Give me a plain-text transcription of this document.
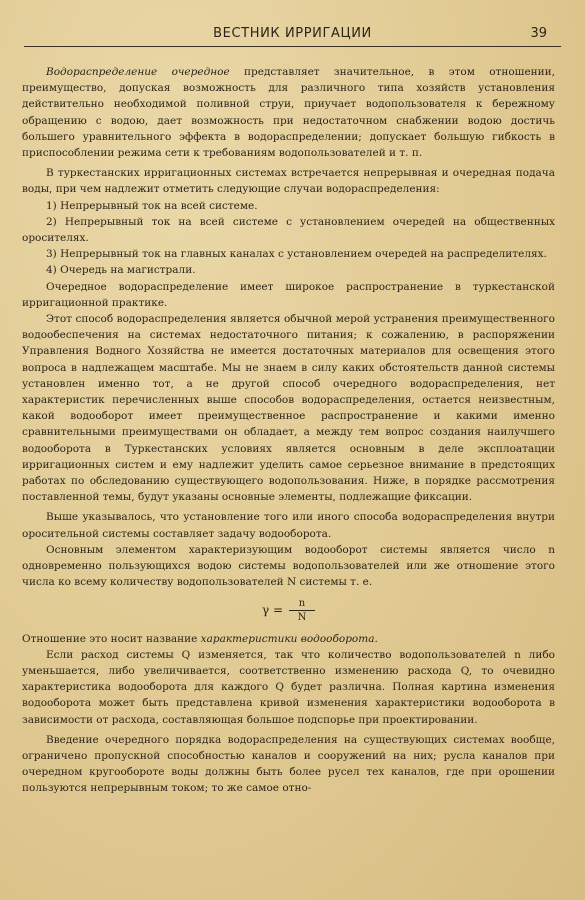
ВЕСТНИК ИРРИГАЦИИ	39

Водораспределение очередное представляет значительное, в этом отношении, преимущество, допуская возможность для различного типа хозяйств установления действительно необходимой поливной струи, приучает водопользователя к бережному обращению с водою, дает возможность при недостаточном снабжении водою достичь большего уравнительного эффекта в водораспределении; допускает большую гибкость в приспособлении режима сети к требованиям водопользователей и т. п.

В туркестанских ирригационных системах встречается непрерывная и очередная подача воды, при чем надлежит отметить следующие случаи водораспределения:

1) Непрерывный ток на всей системе.

2) Непрерывный ток на всей системе с установлением очередей на общественных оросителях.

3) Непрерывный ток на главных каналах с установлением очередей на распределителях.

4) Очередь на магистрали.

Очередное водораспределение имеет широкое распространение в туркестанской ирригационной практике.

Этот способ водораспределения является обычной мерой устранения преимущественного водообеспечения на системах недостаточного питания; к сожалению, в распоряжении Управления Водного Хозяйства не имеется достаточных материалов для освещения этого вопроса в надлежащем масштабе. Мы не знаем в силу каких обстоятельств данной системы установлен именно тот, а не другой способ очередного водораспределения, нет характеристик перечисленных выше способов водораспределения, остается неизвестным, какой водооборот имеет преимущественное распространение и какими именно сравнительными преимуществами он обладает, а между тем вопрос создания наилучшего водооборота в Туркестанских условиях является основным в деле эксплоатации ирригационных систем и ему надлежит уделить самое серьезное внимание в предстоящих работах по обследованию существующего водопользования. Ниже, в порядке рассмотрения поставленной темы, будут указаны основные элементы, подлежащие фиксации.

Выше указывалось, что установление того или иного способа водораспределения внутри оросительной системы составляет задачу водооборота.

Основным элементом характеризующим водооборот системы является число n одновременно пользующихся водою системы водопользователей или же отношение этого числа ко всему количеству водопользователей N системы т. е.

$\gamma = \frac{n}{N}$

Отношение это носит название характеристики водооборота.

Если расход системы Q изменяется, так что количество водопользователей n либо уменьшается, либо увеличивается, соответственно изменению расхода Q, то очевидно характеристика водооборота для каждого Q будет различна. Полная картина изменения водооборота может быть представлена кривой изменения характеристики водооборота в зависимости от расхода, составляющая большое подспорье при проектировании.

Введение очередного порядка водораспределения на существующих системах вообще, ограничено пропускной способностью каналов и сооружений на них; русла каналов при очередном кругообороте воды должны быть более русел тех каналов, где при орошении пользуются непрерывным током; то же самое отно-
